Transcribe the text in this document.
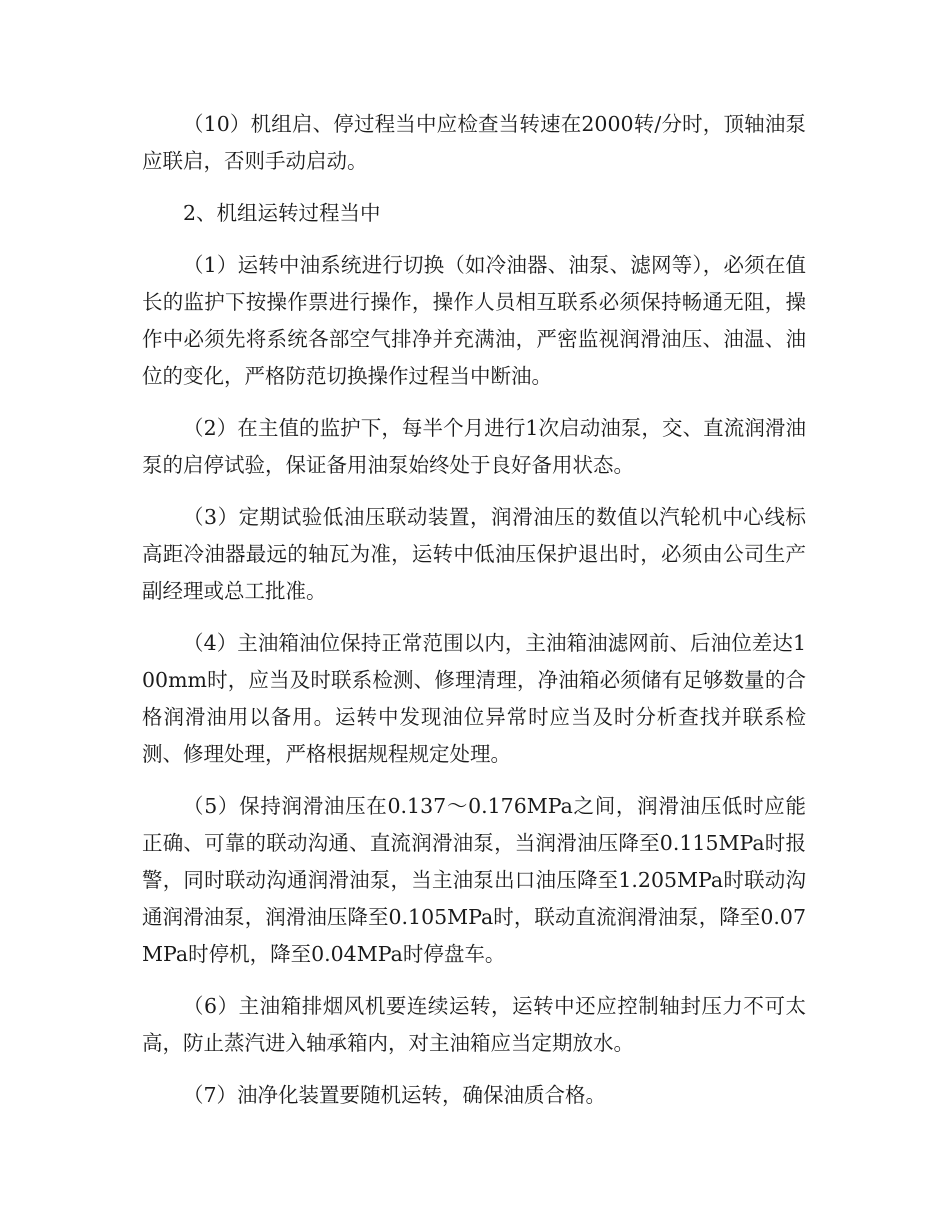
（10）机组启、停过程当中应检查当转速在2000转/分时，顶轴油泵应联启，否则手动启动。

2、机组运转过程当中

（1）运转中油系统进行切换（如冷油器、油泵、滤网等），必须在值长的监护下按操作票进行操作，操作人员相互联系必须保持畅通无阻，操作中必须先将系统各部空气排净并充满油，严密监视润滑油压、油温、油位的变化，严格防范切换操作过程当中断油。

（2）在主值的监护下，每半个月进行1次启动油泵，交、直流润滑油泵的启停试验，保证备用油泵始终处于良好备用状态。

（3）定期试验低油压联动装置，润滑油压的数值以汽轮机中心线标高距冷油器最远的轴瓦为准，运转中低油压保护退出时，必须由公司生产副经理或总工批准。

（4）主油箱油位保持正常范围以内，主油箱油滤网前、后油位差达100mm时，应当及时联系检测、修理清理，净油箱必须储有足够数量的合格润滑油用以备用。运转中发现油位异常时应当及时分析查找并联系检测、修理处理，严格根据规程规定处理。

（5）保持润滑油压在0.137～0.176MPa之间，润滑油压低时应能正确、可靠的联动沟通、直流润滑油泵，当润滑油压降至0.115MPa时报警，同时联动沟通润滑油泵，当主油泵出口油压降至1.205MPa时联动沟通润滑油泵，润滑油压降至0.105MPa时，联动直流润滑油泵，降至0.07MPa时停机，降至0.04MPa时停盘车。

（6）主油箱排烟风机要连续运转，运转中还应控制轴封压力不可太高，防止蒸汽进入轴承箱内，对主油箱应当定期放水。

（7）油净化装置要随机运转，确保油质合格。
